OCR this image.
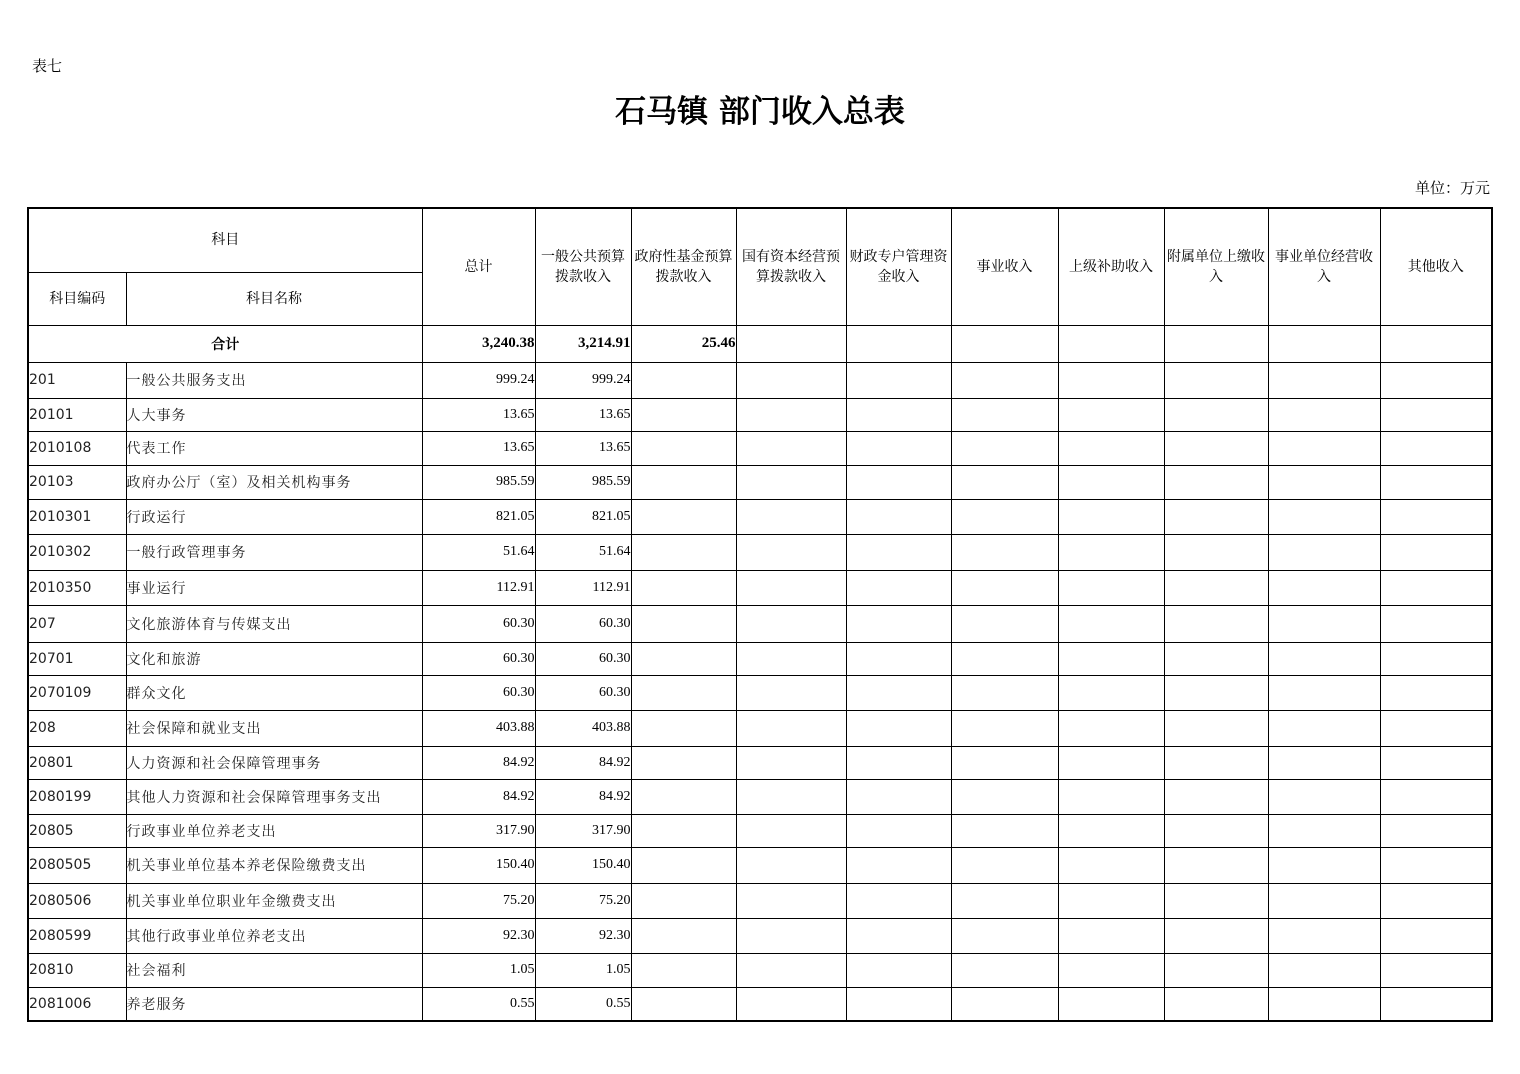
表七
石马镇 部门收入总表
单位：万元
科目		总计	一般公共预算拨款收入	政府性基金预算拨款收入	国有资本经营预算拨款收入	财政专户管理资金收入	事业收入	上级补助收入	附属单位上缴收入	事业单位经营收入	其他收入
科目编码	科目名称										
合计		3,240.38	3,214.91	25.46							
201	一般公共服务支出	999.24	999.24								
20101	人大事务	13.65	13.65								
2010108	代表工作	13.65	13.65								
20103	政府办公厅（室）及相关机构事务	985.59	985.59								
2010301	行政运行	821.05	821.05								
2010302	一般行政管理事务	51.64	51.64								
2010350	事业运行	112.91	112.91								
207	文化旅游体育与传媒支出	60.30	60.30								
20701	文化和旅游	60.30	60.30								
2070109	群众文化	60.30	60.30								
208	社会保障和就业支出	403.88	403.88								
20801	人力资源和社会保障管理事务	84.92	84.92								
2080199	其他人力资源和社会保障管理事务支出	84.92	84.92								
20805	行政事业单位养老支出	317.90	317.90								
2080505	机关事业单位基本养老保险缴费支出	150.40	150.40								
2080506	机关事业单位职业年金缴费支出	75.20	75.20								
2080599	其他行政事业单位养老支出	92.30	92.30								
20810	社会福利	1.05	1.05								
2081006	养老服务	0.55	0.55								
